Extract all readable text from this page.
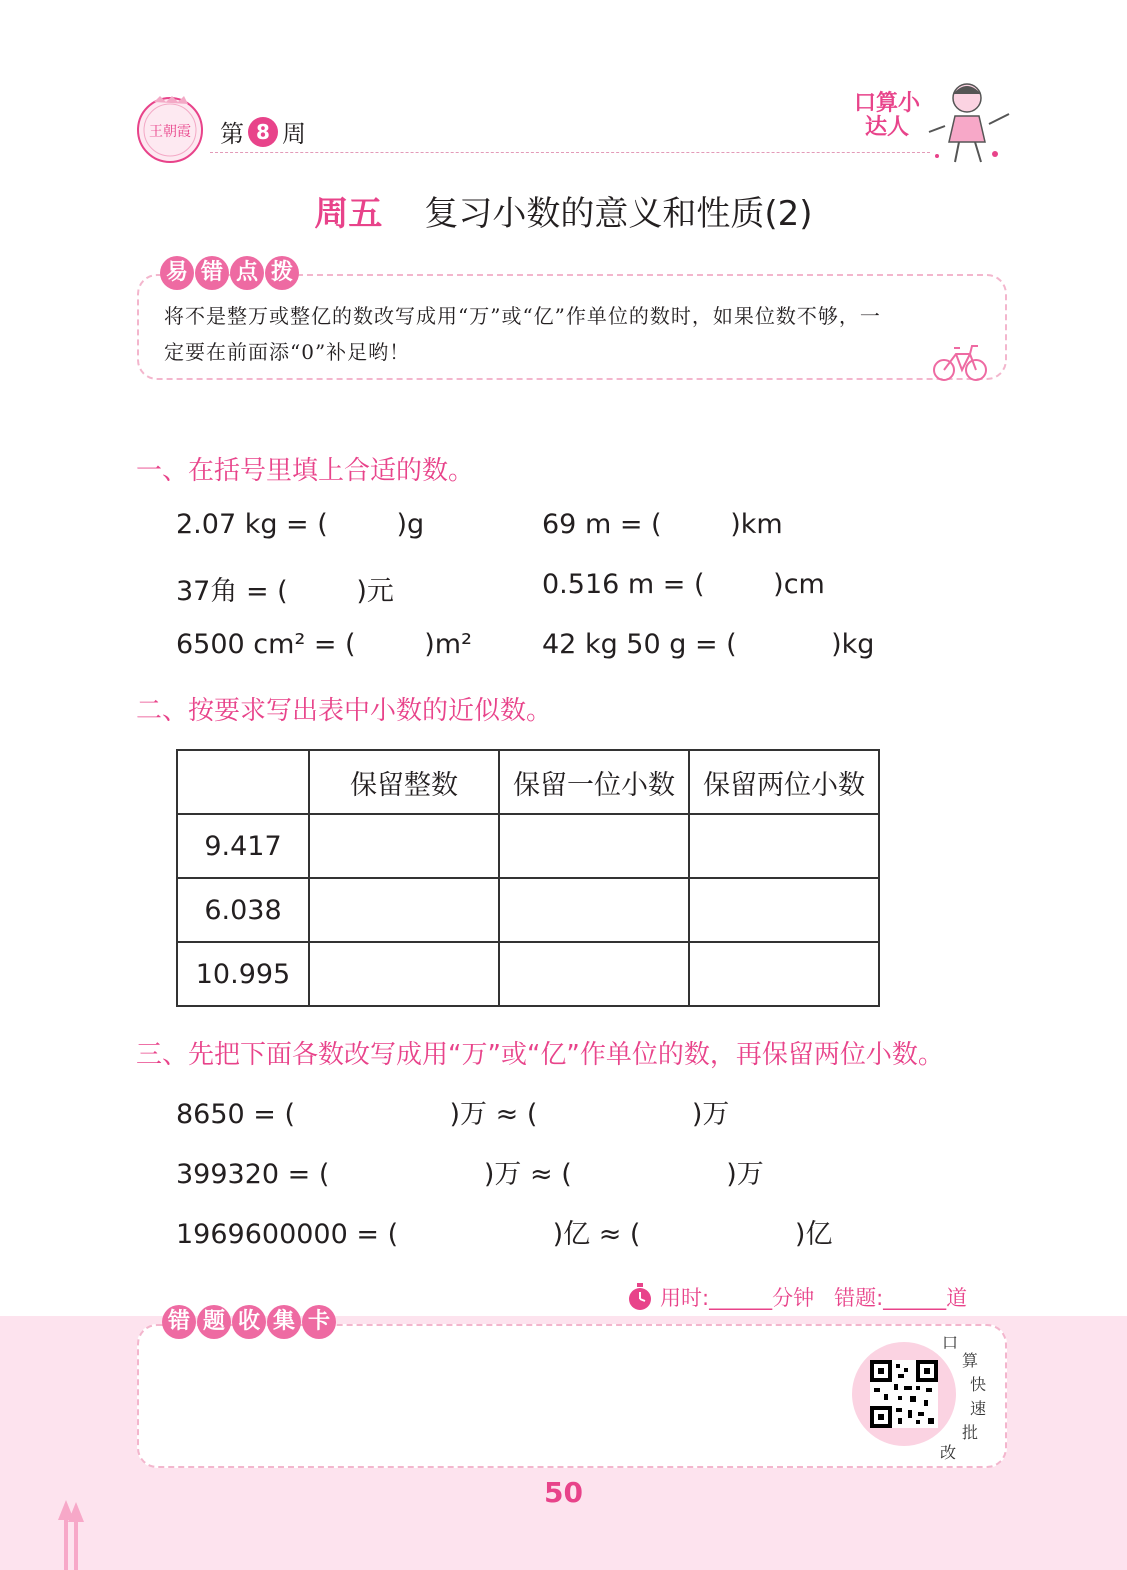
王朝霞 第 8 周
口算小达人
周五 复习小数的意义和性质(2)
易 错 点 拨
将不是整万或整亿的数改写成用“万”或“亿”作单位的数时，如果位数不够，一
定要在前面添“0”补足哟！
一、在括号里填上合适的数。
2.07 kg = (        )g	69 m = (        )km
37角 = (        )元	0.516 m = (        )cm
6500 cm² = (        )m²	42 kg 50 g = (           )kg
二、按要求写出表中小数的近似数。
	保留整数	保留一位小数	保留两位小数
9.417			
6.038			
10.995			
三、先把下面各数改写成用“万”或“亿”作单位的数，再保留两位小数。
8650 = (                  )万 ≈ (                  )万
399320 = (                  )万 ≈ (                  )万
1969600000 = (                  )亿 ≈ (                  )亿
用时:______分钟   错题:______道
错 题 收 集 卡
口
算
快
速
批
改
50
